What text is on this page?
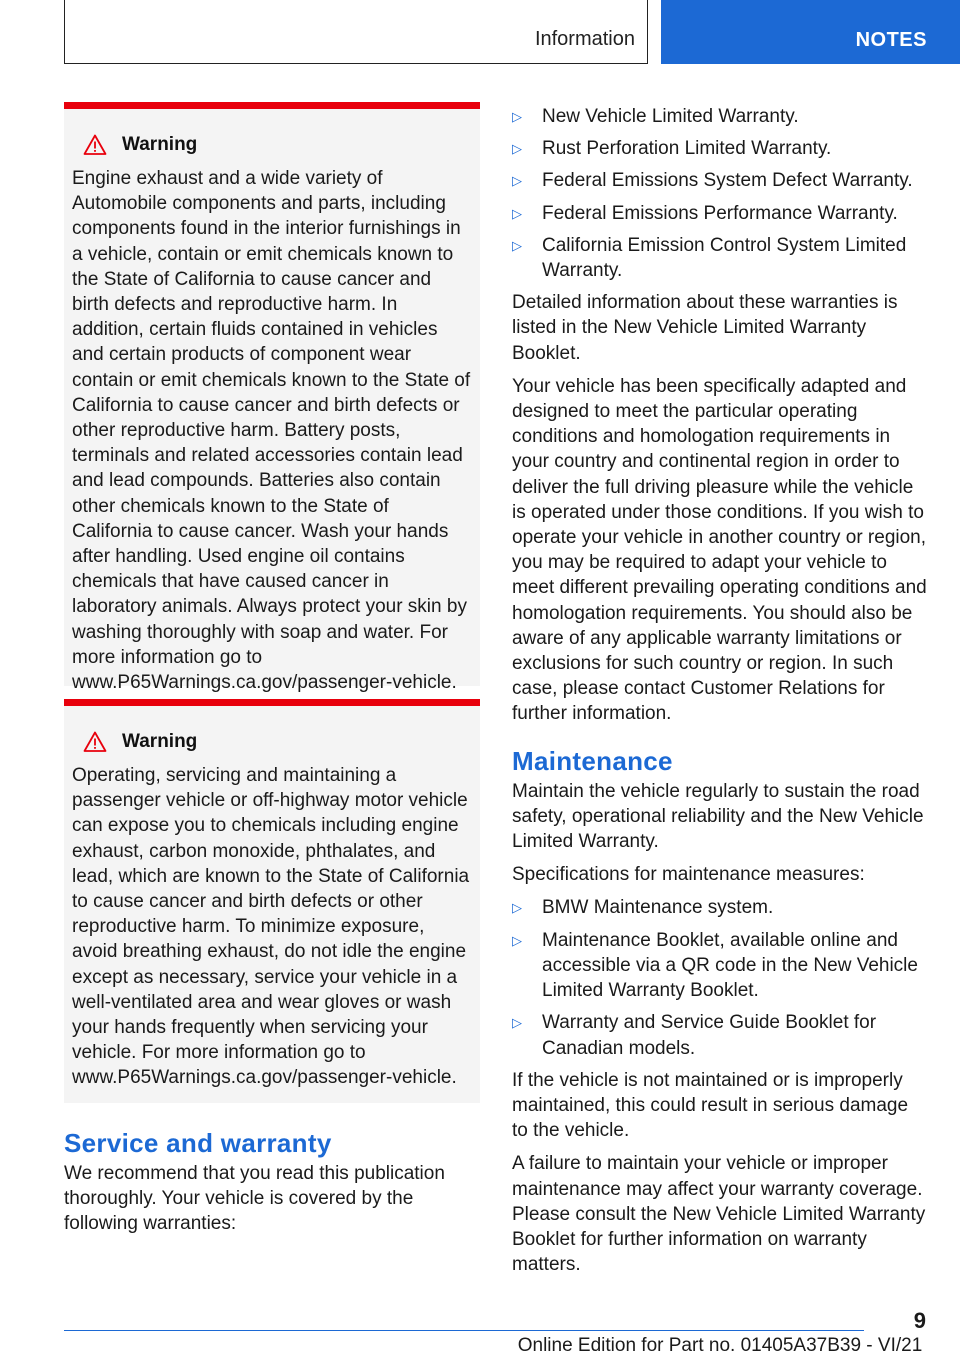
Information	NOTES
Warning
Engine exhaust and a wide variety of Automobile components and parts, including components found in the interior furnishings in a vehicle, contain or emit chemicals known to the State of California to cause cancer and birth defects and reproductive harm. In addition, certain fluids contained in vehicles and certain products of component wear contain or emit chemicals known to the State of California to cause cancer and birth defects or other reproductive harm. Battery posts, terminals and related accessories contain lead and lead compounds. Batteries also contain other chemicals known to the State of California to cause cancer. Wash your hands after handling. Used engine oil contains chemicals that have caused cancer in laboratory animals. Always protect your skin by washing thoroughly with soap and water. For more information go to www.P65Warnings.ca.gov/passenger-vehicle.
Warning
Operating, servicing and maintaining a passenger vehicle or off-highway motor vehicle can expose you to chemicals including engine exhaust, carbon monoxide, phthalates, and lead, which are known to the State of California to cause cancer and birth defects or other reproductive harm. To minimize exposure, avoid breathing exhaust, do not idle the engine except as necessary, service your vehicle in a well-ventilated area and wear gloves or wash your hands frequently when servicing your vehicle. For more information go to www.P65Warnings.ca.gov/passenger-vehicle.
Service and warranty

We recommend that you read this publication thoroughly. Your vehicle is covered by the following warranties:

▷ New Vehicle Limited Warranty.
▷ Rust Perforation Limited Warranty.
▷ Federal Emissions System Defect Warranty.
▷ Federal Emissions Performance Warranty.
▷ California Emission Control System Limited Warranty.

Detailed information about these warranties is listed in the New Vehicle Limited Warranty Booklet.

Your vehicle has been specifically adapted and designed to meet the particular operating conditions and homologation requirements in your country and continental region in order to deliver the full driving pleasure while the vehicle is operated under those conditions. If you wish to operate your vehicle in another country or region, you may be required to adapt your vehicle to meet different prevailing operating conditions and homologation requirements. You should also be aware of any applicable warranty limitations or exclusions for such country or region. In such case, please contact Customer Relations for further information.

Maintenance

Maintain the vehicle regularly to sustain the road safety, operational reliability and the New Vehicle Limited Warranty.

Specifications for maintenance measures:

▷ BMW Maintenance system.
▷ Maintenance Booklet, available online and accessible via a QR code in the New Vehicle Limited Warranty Booklet.
▷ Warranty and Service Guide Booklet for Canadian models.

If the vehicle is not maintained or is improperly maintained, this could result in serious damage to the vehicle.

A failure to maintain your vehicle or improper maintenance may affect your warranty coverage. Please consult the New Vehicle Limited Warranty Booklet for further information on warranty matters.

9
Online Edition for Part no. 01405A37B39 - VI/21
